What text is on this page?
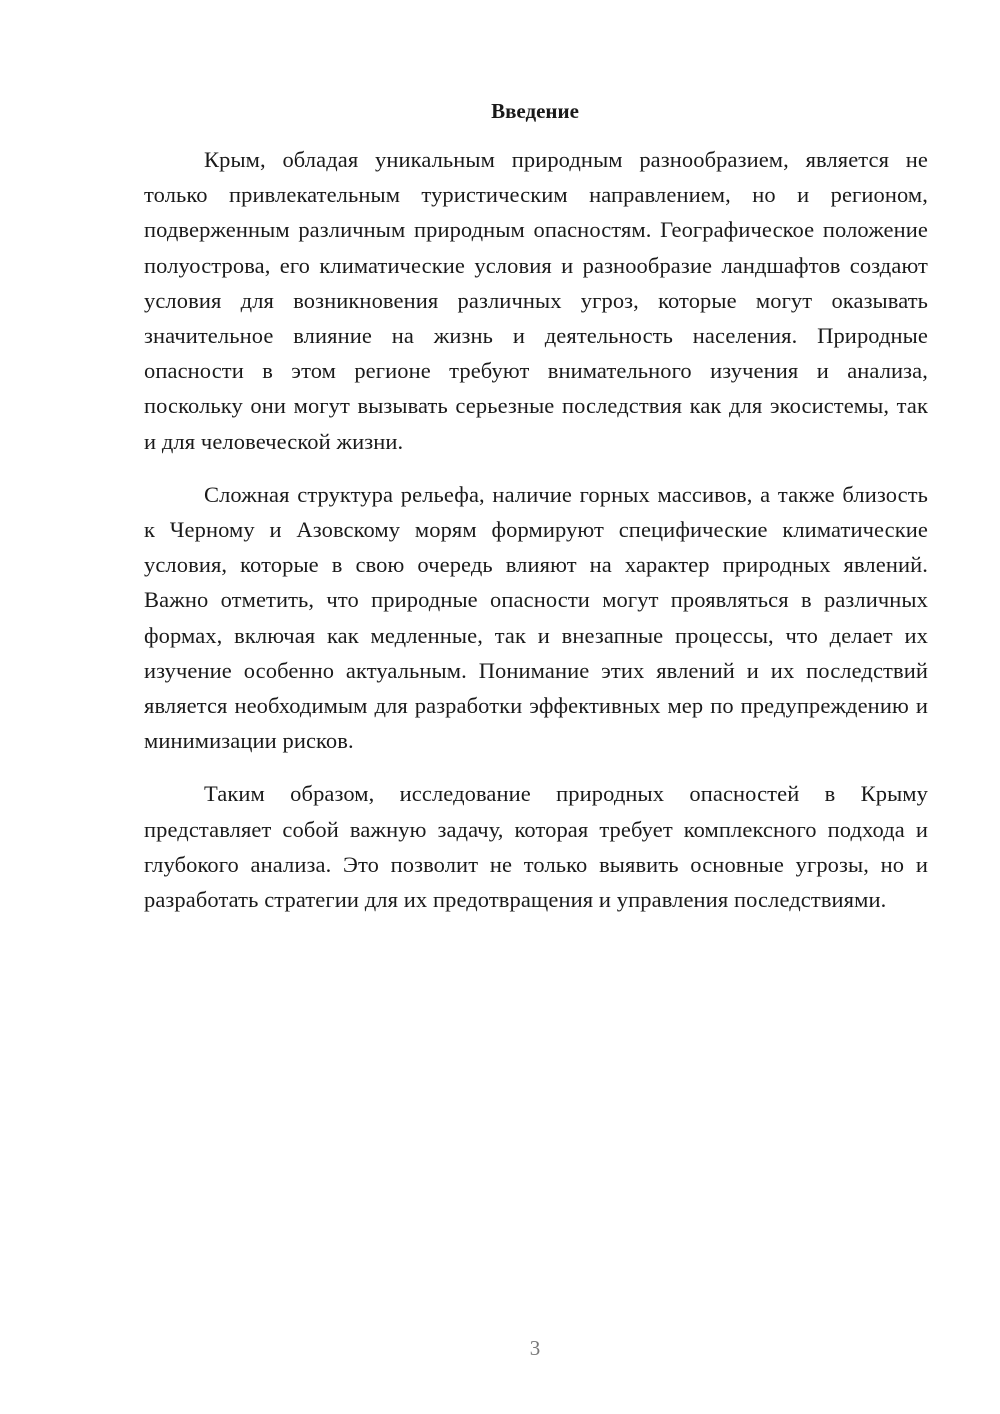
Введение

Крым, обладая уникальным природным разнообразием, является не только привлекательным туристическим направлением, но и регионом, подверженным различным природным опасностям. Географическое положение полуострова, его климатические условия и разнообразие ландшафтов создают условия для возникновения различных угроз, которые могут оказывать значительное влияние на жизнь и деятельность населения. Природные опасности в этом регионе требуют внимательного изучения и анализа, поскольку они могут вызывать серьезные последствия как для экосистемы, так и для человеческой жизни.

Сложная структура рельефа, наличие горных массивов, а также близость к Черному и Азовскому морям формируют специфические климатические условия, которые в свою очередь влияют на характер природных явлений. Важно отметить, что природные опасности могут проявляться в различных формах, включая как медленные, так и внезапные процессы, что делает их изучение особенно актуальным. Понимание этих явлений и их последствий является необходимым для разработки эффективных мер по предупреждению и минимизации рисков.

Таким образом, исследование природных опасностей в Крыму представляет собой важную задачу, которая требует комплексного подхода и глубокого анализа. Это позволит не только выявить основные угрозы, но и разработать стратегии для их предотвращения и управления последствиями.

3
